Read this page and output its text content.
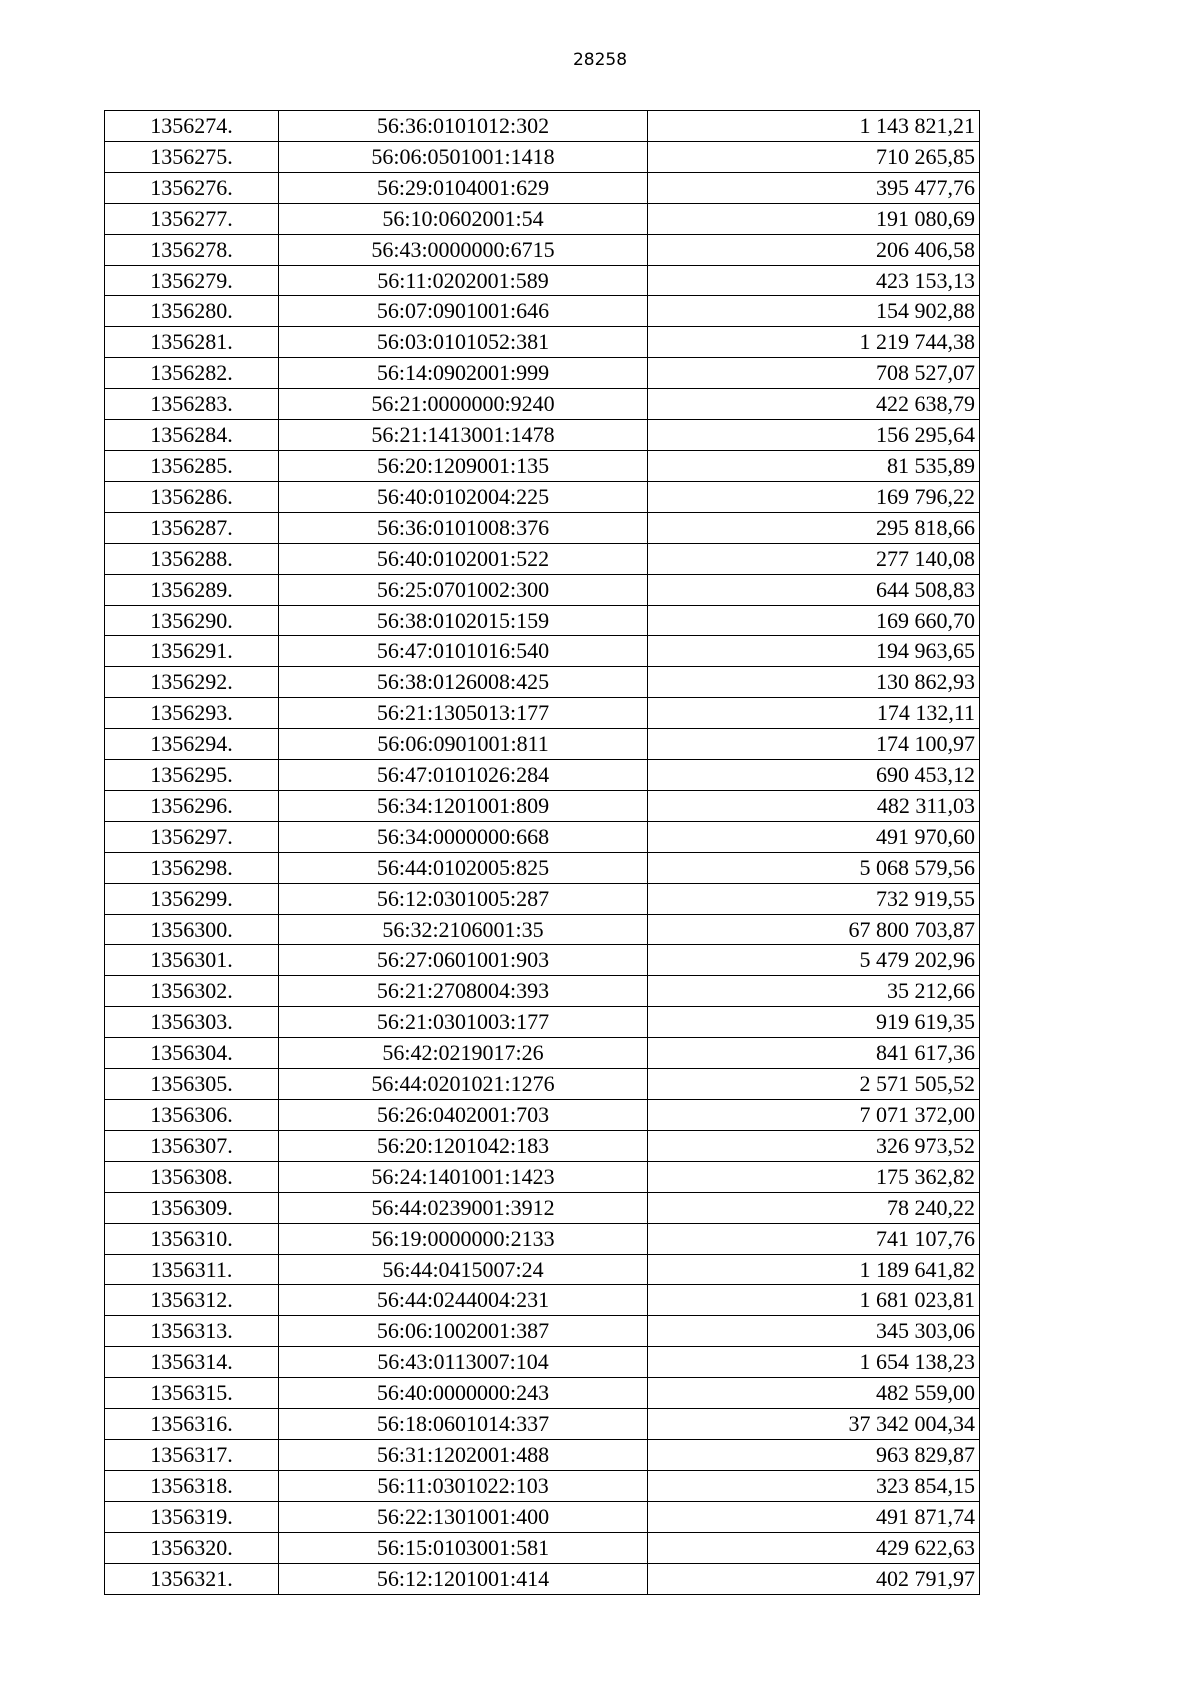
28258
1356274.	56:36:0101012:302	1 143 821,21
1356275.	56:06:0501001:1418	710 265,85
1356276.	56:29:0104001:629	395 477,76
1356277.	56:10:0602001:54	191 080,69
1356278.	56:43:0000000:6715	206 406,58
1356279.	56:11:0202001:589	423 153,13
1356280.	56:07:0901001:646	154 902,88
1356281.	56:03:0101052:381	1 219 744,38
1356282.	56:14:0902001:999	708 527,07
1356283.	56:21:0000000:9240	422 638,79
1356284.	56:21:1413001:1478	156 295,64
1356285.	56:20:1209001:135	81 535,89
1356286.	56:40:0102004:225	169 796,22
1356287.	56:36:0101008:376	295 818,66
1356288.	56:40:0102001:522	277 140,08
1356289.	56:25:0701002:300	644 508,83
1356290.	56:38:0102015:159	169 660,70
1356291.	56:47:0101016:540	194 963,65
1356292.	56:38:0126008:425	130 862,93
1356293.	56:21:1305013:177	174 132,11
1356294.	56:06:0901001:811	174 100,97
1356295.	56:47:0101026:284	690 453,12
1356296.	56:34:1201001:809	482 311,03
1356297.	56:34:0000000:668	491 970,60
1356298.	56:44:0102005:825	5 068 579,56
1356299.	56:12:0301005:287	732 919,55
1356300.	56:32:2106001:35	67 800 703,87
1356301.	56:27:0601001:903	5 479 202,96
1356302.	56:21:2708004:393	35 212,66
1356303.	56:21:0301003:177	919 619,35
1356304.	56:42:0219017:26	841 617,36
1356305.	56:44:0201021:1276	2 571 505,52
1356306.	56:26:0402001:703	7 071 372,00
1356307.	56:20:1201042:183	326 973,52
1356308.	56:24:1401001:1423	175 362,82
1356309.	56:44:0239001:3912	78 240,22
1356310.	56:19:0000000:2133	741 107,76
1356311.	56:44:0415007:24	1 189 641,82
1356312.	56:44:0244004:231	1 681 023,81
1356313.	56:06:1002001:387	345 303,06
1356314.	56:43:0113007:104	1 654 138,23
1356315.	56:40:0000000:243	482 559,00
1356316.	56:18:0601014:337	37 342 004,34
1356317.	56:31:1202001:488	963 829,87
1356318.	56:11:0301022:103	323 854,15
1356319.	56:22:1301001:400	491 871,74
1356320.	56:15:0103001:581	429 622,63
1356321.	56:12:1201001:414	402 791,97
